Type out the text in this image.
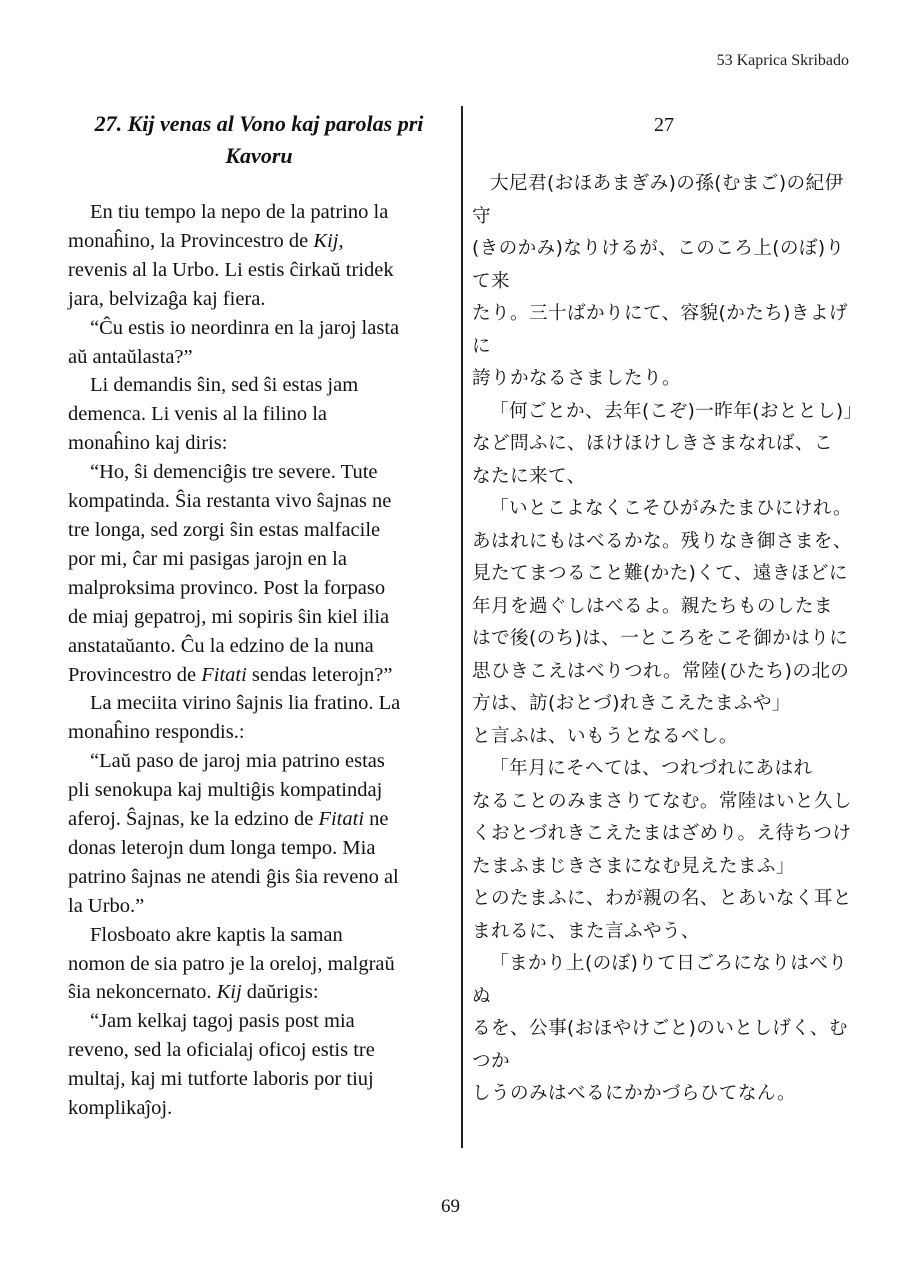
53 Kaprica Skribado
27. Kij venas al Vono kaj parolas pri
Kavoru

En tiu tempo la nepo de la patrino la
monaĥino, la Provincestro de Kij,
revenis al la Urbo. Li estis ĉirkaŭ tridek
jara, belvizaĝa kaj fiera.

“Ĉu estis io neordinra en la jaroj lasta
aŭ antaŭlasta?”

Li demandis ŝin, sed ŝi estas jam
demenca. Li venis al la filino la
monaĥino kaj diris:

“Ho, ŝi demenciĝis tre severe. Tute
kompatinda. Ŝia restanta vivo ŝajnas ne
tre longa, sed zorgi ŝin estas malfacile
por mi, ĉar mi pasigas jarojn en la
malproksima provinco. Post la forpaso
de miaj gepatroj, mi sopiris ŝin kiel ilia
anstataŭanto. Ĉu la edzino de la nuna
Provincestro de Fitati sendas leterojn?”

La meciita virino ŝajnis lia fratino. La
monaĥino respondis.:

“Laŭ paso de jaroj mia patrino estas
pli senokupa kaj multiĝis kompatindaj
aferoj. Ŝajnas, ke la edzino de Fitati ne
donas leterojn dum longa tempo. Mia
patrino ŝajnas ne atendi ĝis ŝia reveno al
la Urbo.”

Flosboato akre kaptis la saman
nomon de sia patro je la oreloj, malgraŭ
ŝia nekoncernato. Kij daŭrigis:

“Jam kelkaj tagoj pasis post mia
reveno, sed la oficialaj oficoj estis tre
multaj, kaj mi tutforte laboris por tiuj
komplikaĵoj.

27

大尼君(おほあまぎみ)の孫(むまご)の紀伊守
(きのかみ)なりけるが、このころ上(のぼ)りて来
たり。三十ばかりにて、容貌(かたち)きよげに
誇りかなるさましたり。

「何ごとか、去年(こぞ)一昨年(おととし)」

など問ふに、ほけほけしきさまなれば、こ
なたに来て、

「いとこよなくこそひがみたまひにけれ。
あはれにもはべるかな。残りなき御さまを、
見たてまつること難(かた)くて、遠きほどに
年月を過ぐしはべるよ。親たちものしたま
はで後(のち)は、一ところをこそ御かはりに
思ひきこえはべりつれ。常陸(ひたち)の北の
方は、訪(おとづ)れきこえたまふや」

と言ふは、いもうとなるべし。

「年月にそへては、つれづれにあはれ
なることのみまさりてなむ。常陸はいと久し
くおとづれきこえたまはざめり。え待ちつけ
たまふまじきさまになむ見えたまふ」

とのたまふに、わが親の名、とあいなく耳と
まれるに、また言ふやう、

「まかり上(のぼ)りて日ごろになりはべりぬ
るを、公事(おほやけごと)のいとしげく、むつか
しうのみはべるにかかづらひてなん。

69
